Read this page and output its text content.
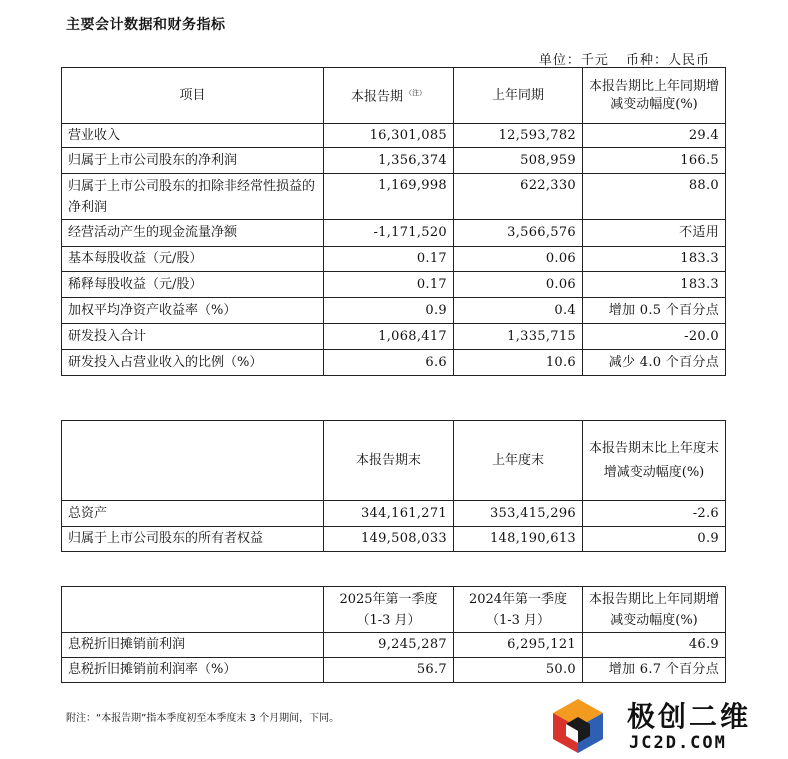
主要会计数据和财务指标
单位：千元 币种：人民币
项目	本报告期 $^{(注)}$	上年同期	本报告期比上年同期增减变动幅度(%)
营业收入	16,301,085	12,593,782	29.4
归属于上市公司股东的净利润	1,356,374	508,959	166.5
归属于上市公司股东的扣除非经常性损益的净利润	1,169,998	622,330	88.0
经营活动产生的现金流量净额	-1,171,520	3,566,576	不适用
基本每股收益（元/股）	0.17	0.06	183.3
稀释每股收益（元/股）	0.17	0.06	183.3
加权平均净资产收益率（%）	0.9	0.4	增加 0.5 个百分点
研发投入合计	1,068,417	1,335,715	-20.0
研发投入占营业收入的比例（%）	6.6	10.6	减少 4.0 个百分点
	本报告期末	上年度末	本报告期末比上年度末增减变动幅度(%)
总资产	344,161,271	353,415,296	-2.6
归属于上市公司股东的所有者权益	149,508,033	148,190,613	0.9
	2025年第一季度（1-3 月）	2024年第一季度（1-3 月）	本报告期比上年同期增减变动幅度(%)
息税折旧摊销前利润	9,245,287	6,295,121	46.9
息税折旧摊销前利润率（%）	56.7	50.0	增加 6.7 个百分点
附注：“本报告期”指本季度初至本季度末 3 个月期间，下同。	极创二维
JC2D.COM
